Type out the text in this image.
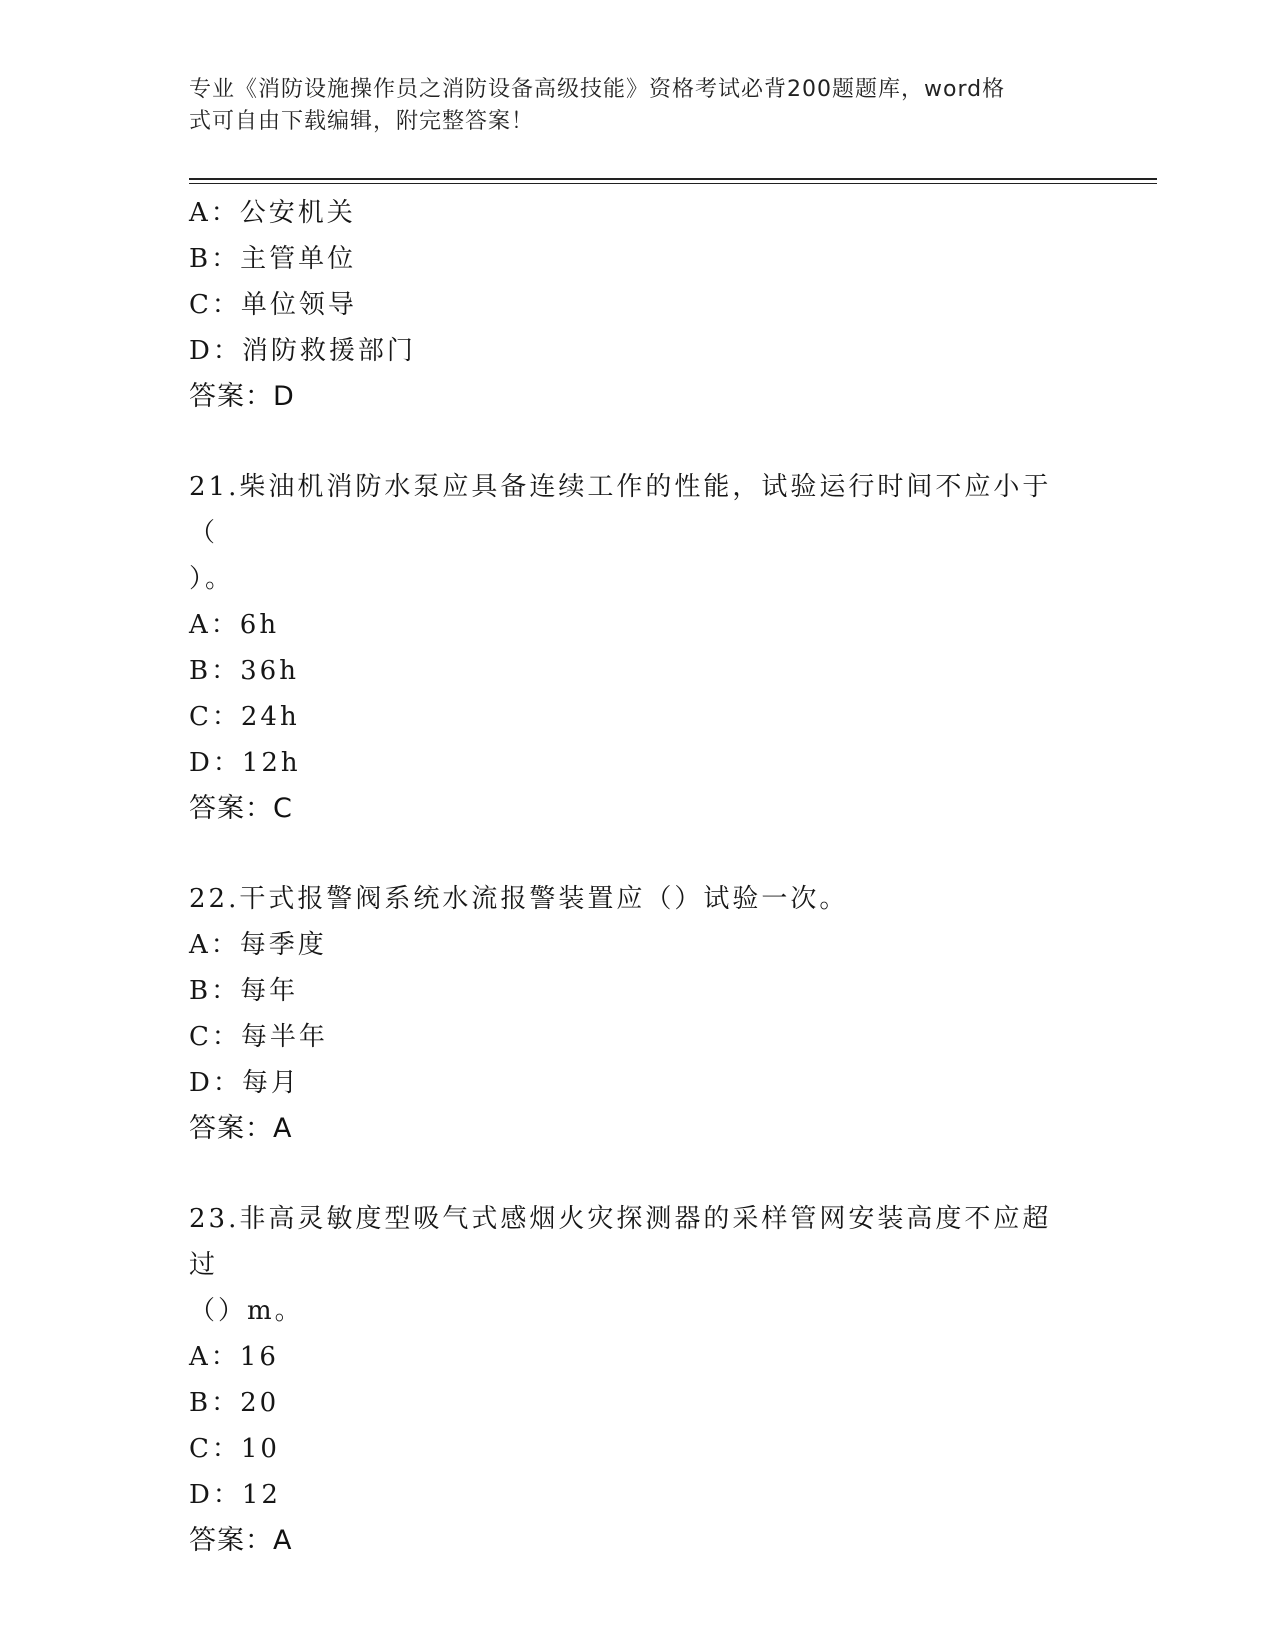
专业《消防设施操作员之消防设备高级技能》资格考试必背200题题库，word格
式可自由下载编辑，附完整答案！
A：公安机关
B：主管单位
C：单位领导
D：消防救援部门
答案：D
21.柴油机消防水泵应具备连续工作的性能，试验运行时间不应小于（
）。
A：6h
B：36h
C：24h
D：12h
答案：C
22.干式报警阀系统水流报警装置应（）试验一次。
A：每季度
B：每年
C：每半年
D：每月
答案：A
23.非高灵敏度型吸气式感烟火灾探测器的采样管网安装高度不应超过
（）m。
A：16
B：20
C：10
D：12
答案：A
